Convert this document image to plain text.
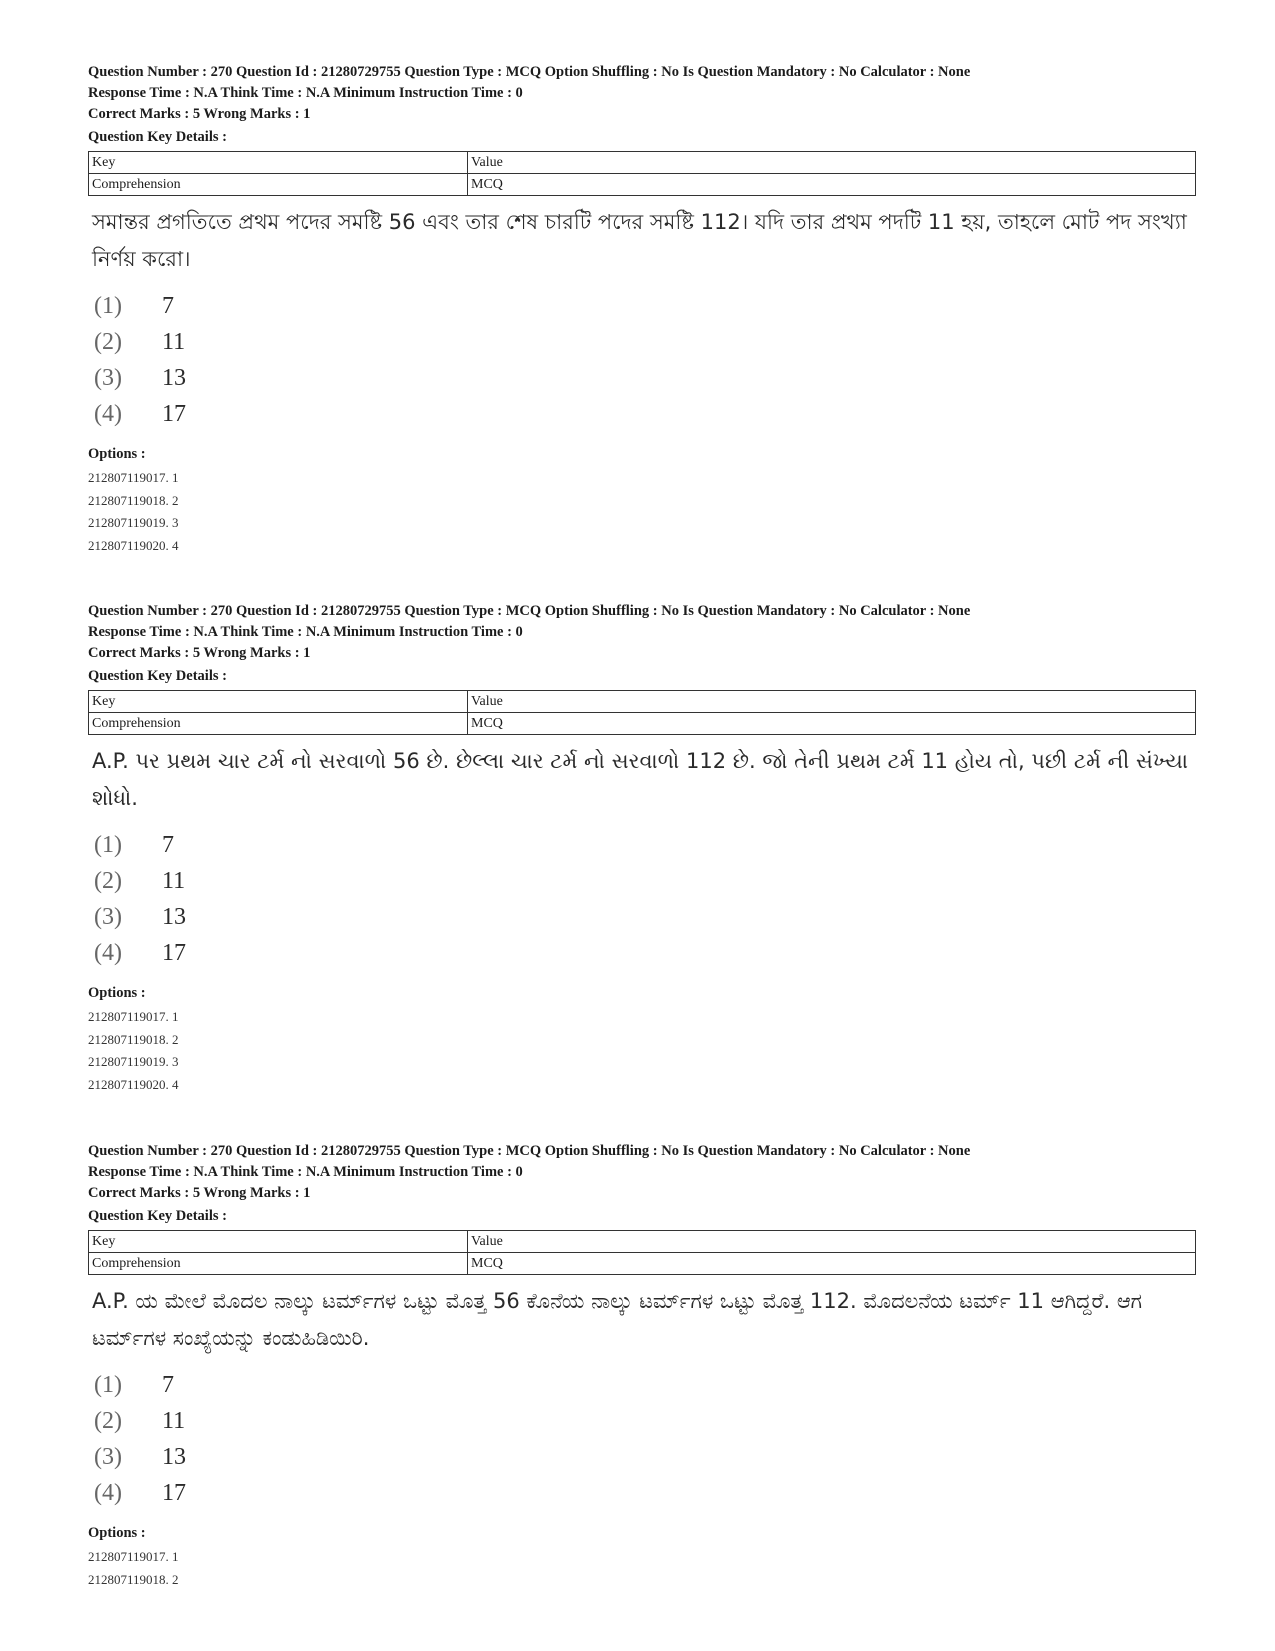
Question Number : 270 Question Id : 21280729755 Question Type : MCQ Option Shuffling : No Is Question Mandatory : No Calculator : None
Response Time : N.A Think Time : N.A Minimum Instruction Time : 0
Correct Marks : 5 Wrong Marks : 1
Question Key Details :
Key	Value
Comprehension	MCQ
সমান্তর প্রগতিতে প্রথম পদের সমষ্টি 56 এবং তার শেষ চারটি পদের সমষ্টি 112। যদি তার প্রথম পদটি 11 হয়, তাহলে মোট পদ সংখ্যা নির্ণয় করো।
(1) 7
(2) 11
(3) 13
(4) 17
Options :
212807119017. 1
212807119018. 2
212807119019. 3
212807119020. 4
Question Number : 270 Question Id : 21280729755 Question Type : MCQ Option Shuffling : No Is Question Mandatory : No Calculator : None
Response Time : N.A Think Time : N.A Minimum Instruction Time : 0
Correct Marks : 5 Wrong Marks : 1
Question Key Details :
Key	Value
Comprehension	MCQ
A.P. પર પ્રથમ ચાર ટર્મ નો સરવાળો 56 છે. છેલ્લા ચાર ટર્મ નો સરવાળો 112 છે. જો તેની પ્રથમ ટર્મ 11 હોય તો, પછી ટર્મ ની સંખ્યા શોધો.
(1) 7
(2) 11
(3) 13
(4) 17
Options :
212807119017. 1
212807119018. 2
212807119019. 3
212807119020. 4
Question Number : 270 Question Id : 21280729755 Question Type : MCQ Option Shuffling : No Is Question Mandatory : No Calculator : None
Response Time : N.A Think Time : N.A Minimum Instruction Time : 0
Correct Marks : 5 Wrong Marks : 1
Question Key Details :
Key	Value
Comprehension	MCQ
A.P. ಯ ಮೇಲೆ ಮೊದಲ ನಾಲ್ಕು ಟರ್ಮ್‌ಗಳ ಒಟ್ಟು ಮೊತ್ತ 56 ಕೊನೆಯ ನಾಲ್ಕು ಟರ್ಮ್‌ಗಳ ಒಟ್ಟು ಮೊತ್ತ 112. ಮೊದಲನೆಯ ಟರ್ಮ್ 11 ಆಗಿದ್ದರೆ. ಆಗ ಟರ್ಮ್‌ಗಳ ಸಂಖ್ಯೆಯನ್ನು ಕಂಡುಹಿಡಿಯಿರಿ.
(1) 7
(2) 11
(3) 13
(4) 17
Options :
212807119017. 1
212807119018. 2
